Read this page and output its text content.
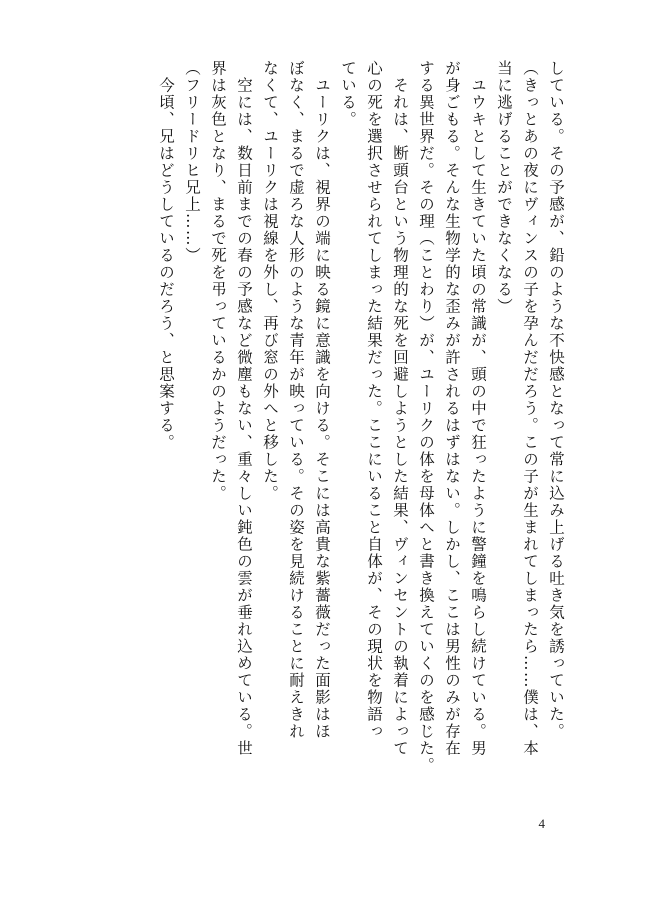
している。その予感が、鉛のような不快感となって常に込み上げる吐き気を誘っていた。

（きっとあの夜にヴィンスの子を孕んだだろう。この子が生まれてしまったら……僕は、本

当に逃げることができなくなる）

　ユウキとして生きていた頃の常識が、頭の中で狂ったように警鐘を鳴らし続けている。男

が身ごもる。そんな生物学的な歪みが許されるはずはない。しかし、ここは男性のみが存在

する異世界だ。その理（ことわり）が、ユーリクの体を母体へと書き換えていくのを感じた。

　それは、断頭台という物理的な死を回避しようとした結果、ヴィンセントの執着によって

心の死を選択させられてしまった結果だった。ここにいること自体が、その現状を物語っ

ている。

　ユーリクは、視界の端に映る鏡に意識を向ける。そこには高貴な紫薔薇だった面影はほ

ぼなく、まるで虚ろな人形のような青年が映っている。その姿を見続けることに耐えきれ

なくて、ユーリクは視線を外し、再び窓の外へと移した。

　空には、数日前までの春の予感など微塵もない、重々しい鈍色の雲が垂れ込めている。世

界は灰色となり、まるで死を弔っているかのようだった。

（フリードリヒ兄上……）

　今頃、兄はどうしているのだろう、と思案する。

4
